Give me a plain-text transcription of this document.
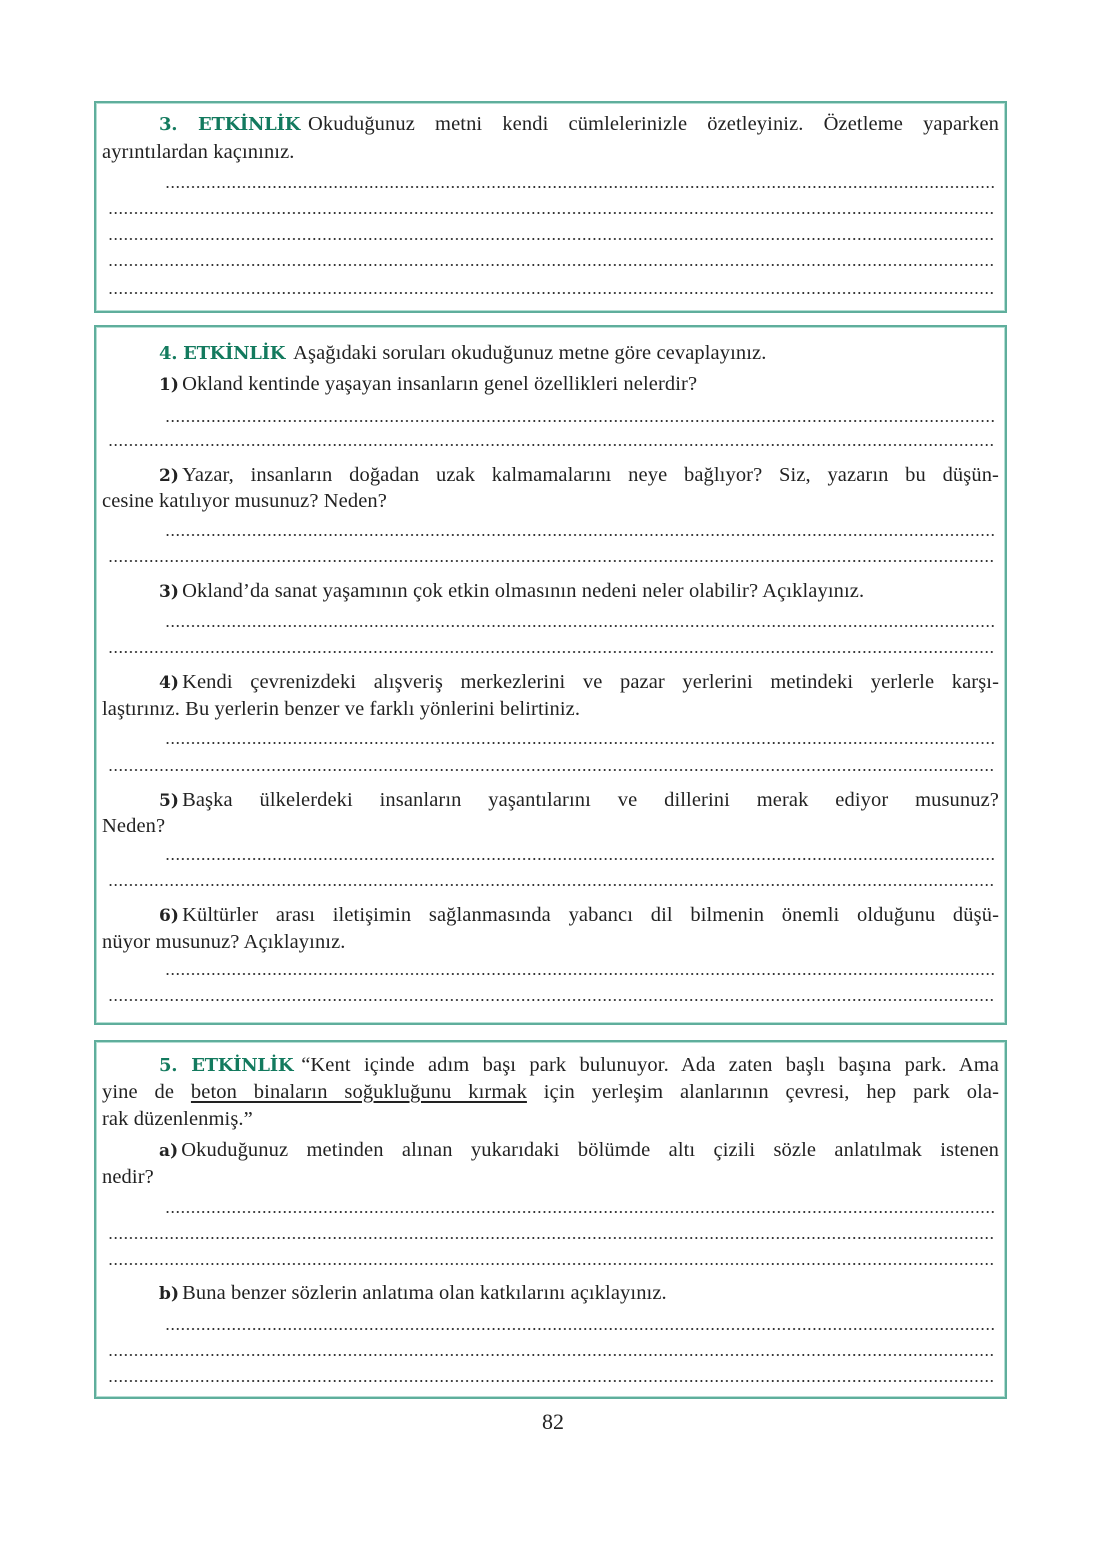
3. ETKİNLİK Okuduğunuz metni kendi cümlelerinizle özetleyiniz. Özetleme yaparken
ayrıntılardan kaçınınız.
4. ETKİNLİK Aşağıdaki soruları okuduğunuz metne göre cevaplayınız.
1) Okland kentinde yaşayan insanların genel özellikleri nelerdir?
2) Yazar, insanların doğadan uzak kalmamalarını neye bağlıyor? Siz, yazarın bu düşün-
cesine katılıyor musunuz? Neden?
3) Okland’da sanat yaşamının çok etkin olmasının nedeni neler olabilir? Açıklayınız.
4) Kendi çevrenizdeki alışveriş merkezlerini ve pazar yerlerini metindeki yerlerle karşı-
laştırınız. Bu yerlerin benzer ve farklı yönlerini belirtiniz.
5) Başka ülkelerdeki insanların yaşantılarını ve dillerini merak ediyor musunuz?
Neden?
6) Kültürler arası iletişimin sağlanmasında yabancı dil bilmenin önemli olduğunu düşü-
nüyor musunuz? Açıklayınız.
5. ETKİNLİK “Kent içinde adım başı park bulunuyor. Ada zaten başlı başına park. Ama
yine de beton binaların soğukluğunu kırmak için yerleşim alanlarının çevresi, hep park ola-
rak düzenlenmiş.”
a) Okuduğunuz metinden alınan yukarıdaki bölümde altı çizili sözle anlatılmak istenen
nedir?
b) Buna benzer sözlerin anlatıma olan katkılarını açıklayınız.
82
